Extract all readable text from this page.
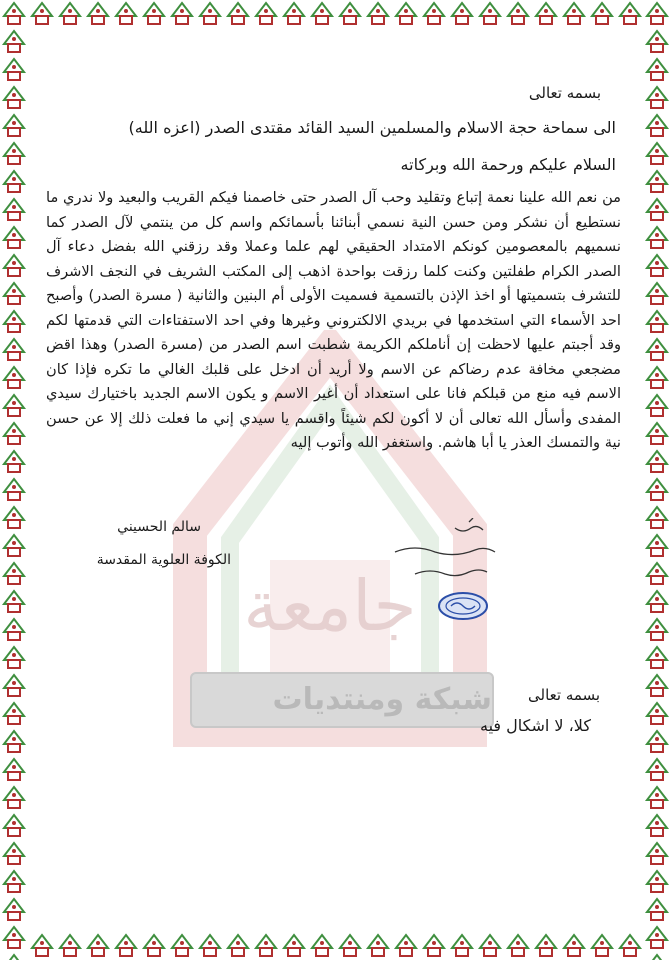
جامعة
شبكة ومنتديات
بسمه تعالى
الى سماحة حجة الاسلام والمسلمين السيد القائد مقتدى الصدر (اعزه الله)
السلام عليكم ورحمة الله وبركاته
من نعم الله علينا نعمة إتباع وتقليد وحب آل الصدر حتى خاصمنا فيكم القريب والبعيد ولا ندري ما نستطيع أن نشكر ومن حسن النية نسمي أبنائنا بأسمائكم واسم كل من ينتمي لآل الصدر كما نسميهم بالمعصومين كونكم الامتداد الحقيقي لهم علما وعملا وقد رزقني الله بفضل دعاء آل الصدر الكرام طفلتين وكنت كلما رزقت بواحدة اذهب إلى المكتب الشريف في النجف الاشرف للتشرف بتسميتها أو اخذ الإذن بالتسمية فسميت الأولى أم البنين والثانية ( مسرة الصدر) وأصبح احد الأسماء التي استخدمها في بريدي الالكتروني وغيرها وفي احد الاستفتاءات التي قدمتها لكم وقد أجبتم عليها لاحظت إن أناملكم الكريمة شطبت اسم الصدر من (مسرة الصدر) وهذا اقض مضجعي مخافة عدم رضاكم عن الاسم ولا أريد أن ادخل على قلبك الغالي ما تكره فإذا كان الاسم فيه منع من قبلكم فانا على استعداد أن أغير الاسم و يكون الاسم الجديد باختيارك سيدي المفدى وأسأل الله تعالى أن لا أكون لكم شيئاً واقسم يا سيدي إني ما فعلت ذلك إلا عن حسن نية والتمسك العذر يا أبا هاشم. واستغفر الله وأتوب إليه
سالم الحسيني
الكوفة العلوية المقدسة
بسمه تعالى
كلا، لا اشكال فيه
